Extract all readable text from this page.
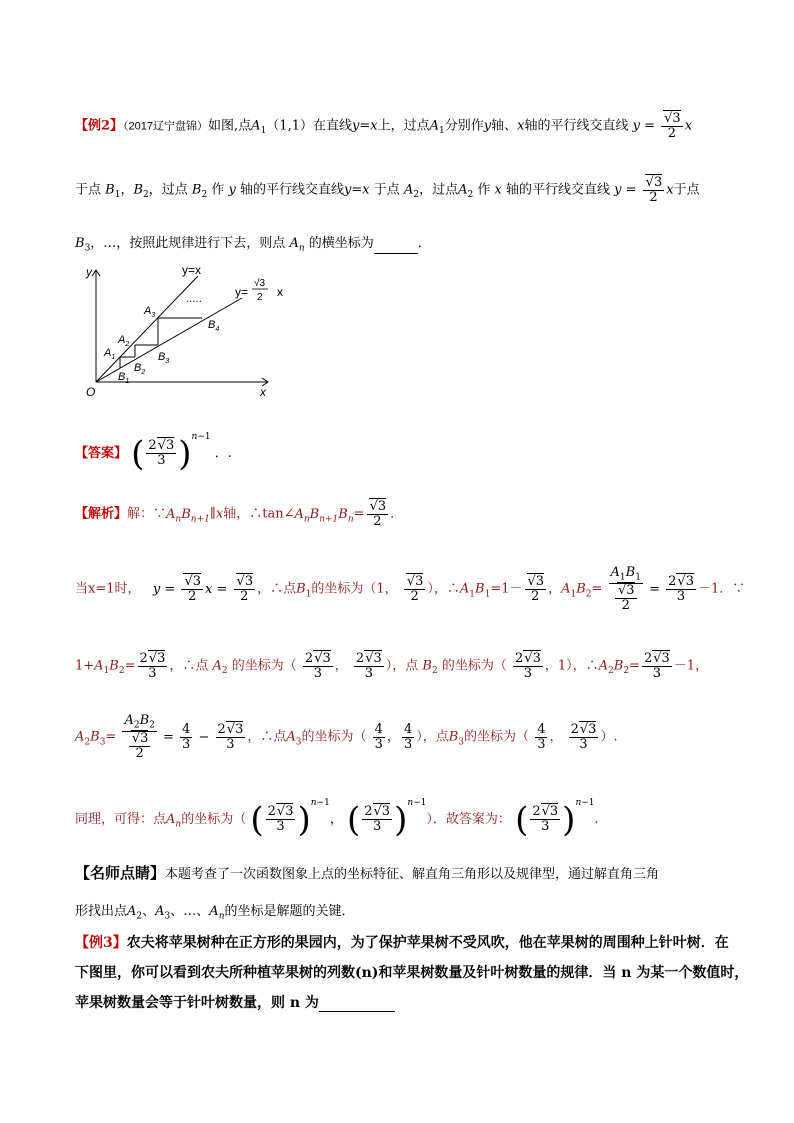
【例2】（2017辽宁盘锦）如图,点$A_1(1,1)$在直线y=x上，过点$A_1$分别作y轴、x轴的平行线交直线 $y = \frac{√3}{2}$ x
于点 $B_1$，$B_2$，过点 $B_2$ 作 y 轴的平行线交直线y=x 于点 $A_2$，过点$A_2$ 作 x 轴的平行线交直线 $y = \frac{√3}{2}$ x于点
$B_3$，…，按照此规律进行下去，则点 $A_n$ 的横坐标为	．
y
x
O
y=x
y=
√3
2 x
.....
$A_1$
$B_1$
$A_2$
$B_2$
$A_3$
$B_3$
$B_4$
【答案】 ( $\frac{2√3}{3} )^{n-1}$ ．.
【解析】解：$\because A_nB_{n+1}\parallel x$轴，$\therefore\tan\angle A_nB_{n+1}B_n= \frac{√3}{2}$ ．
当x=1时， $y = \frac{√3}{2}$ $x = \frac{√3}{2}$ ，∴点$B_1$的坐标为（1， $\frac{√3}{2}$ ），$\therefore A_1B_1=1- \frac{√3}{2}$ ，$A_1B_2= \frac{A_1B_1}{\frac{√3}{2}} = \frac{2√3}{3} -1$．∵
$1+A_1B_2= \frac{2√3}{3}$ ，∴点 $A_2$ 的坐标为（ $\frac{2√3}{3}$ ， $\frac{2√3}{3}$ ），点 $B_2$ 的坐标为（ $\frac{2√3}{3}$ ，1），$\therefore A_2B_2= \frac{2√3}{3} -1$，
$A_2B_3= \frac{A_2B_2}{\frac{√3}{2}} = \frac{4}{3} - \frac{2√3}{3}$ ，∴点$A_3$的坐标为（ $\frac{4}{3}$ ， $\frac{4}{3}$ ），点$B_3$的坐标为（ $\frac{4}{3}$ ， $\frac{2√3}{3}$ ）.
同理，可得：点$A_n$的坐标为（ ( $\frac{2√3}{3} )^{n-1}$， ( $\frac{2√3}{3} )^{n-1}$）．故答案为： ( $\frac{2√3}{3} )^{n-1}$.
【名师点睛】本题考查了一次函数图象上点的坐标特征、解直角三角形以及规律型，通过解直角三角
形找出点$A_2$、$A_3$、…、$A_n$的坐标是解题的关键．
【例3】农夫将苹果树种在正方形的果园内，为了保护苹果树不受风吹，他在苹果树的周围种上针叶树．在
下图里，你可以看到农夫所种植苹果树的列数(n)和苹果树数量及针叶树数量的规律．当 n 为某一个数值时，
苹果树数量会等于针叶树数量，则 n 为
